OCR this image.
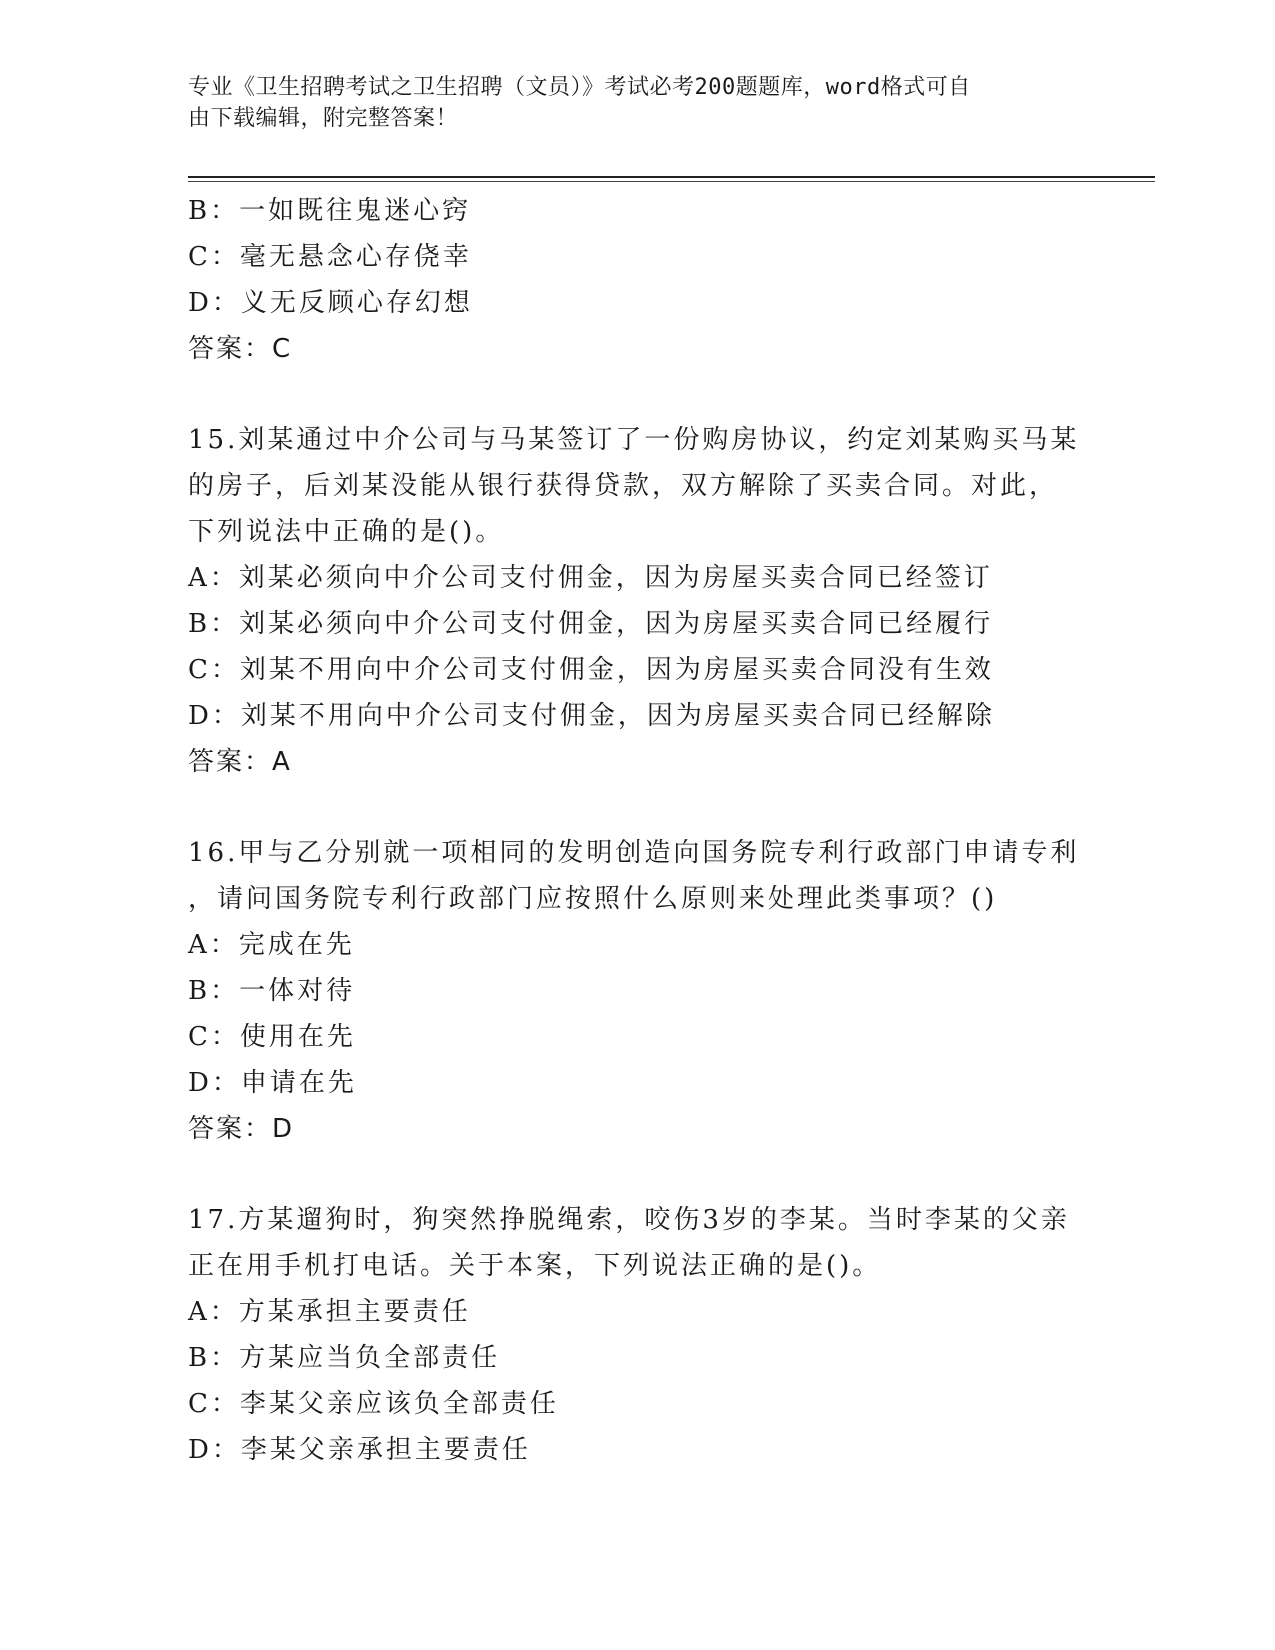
专业《卫生招聘考试之卫生招聘（文员）》考试必考200题题库，word格式可自
由下载编辑，附完整答案！
B：一如既往鬼迷心窍
C：毫无悬念心存侥幸
D：义无反顾心存幻想
答案：C
15.刘某通过中介公司与马某签订了一份购房协议，约定刘某购买马某
的房子，后刘某没能从银行获得贷款，双方解除了买卖合同。对此，
下列说法中正确的是()。
A：刘某必须向中介公司支付佣金，因为房屋买卖合同已经签订
B：刘某必须向中介公司支付佣金，因为房屋买卖合同已经履行
C：刘某不用向中介公司支付佣金，因为房屋买卖合同没有生效
D：刘某不用向中介公司支付佣金，因为房屋买卖合同已经解除
答案：A
16.甲与乙分别就一项相同的发明创造向国务院专利行政部门申请专利
，请问国务院专利行政部门应按照什么原则来处理此类事项？()
A：完成在先
B：一体对待
C：使用在先
D：申请在先
答案：D
17.方某遛狗时，狗突然挣脱绳索，咬伤3岁的李某。当时李某的父亲
正在用手机打电话。关于本案，下列说法正确的是()。
A：方某承担主要责任
B：方某应当负全部责任
C：李某父亲应该负全部责任
D：李某父亲承担主要责任
